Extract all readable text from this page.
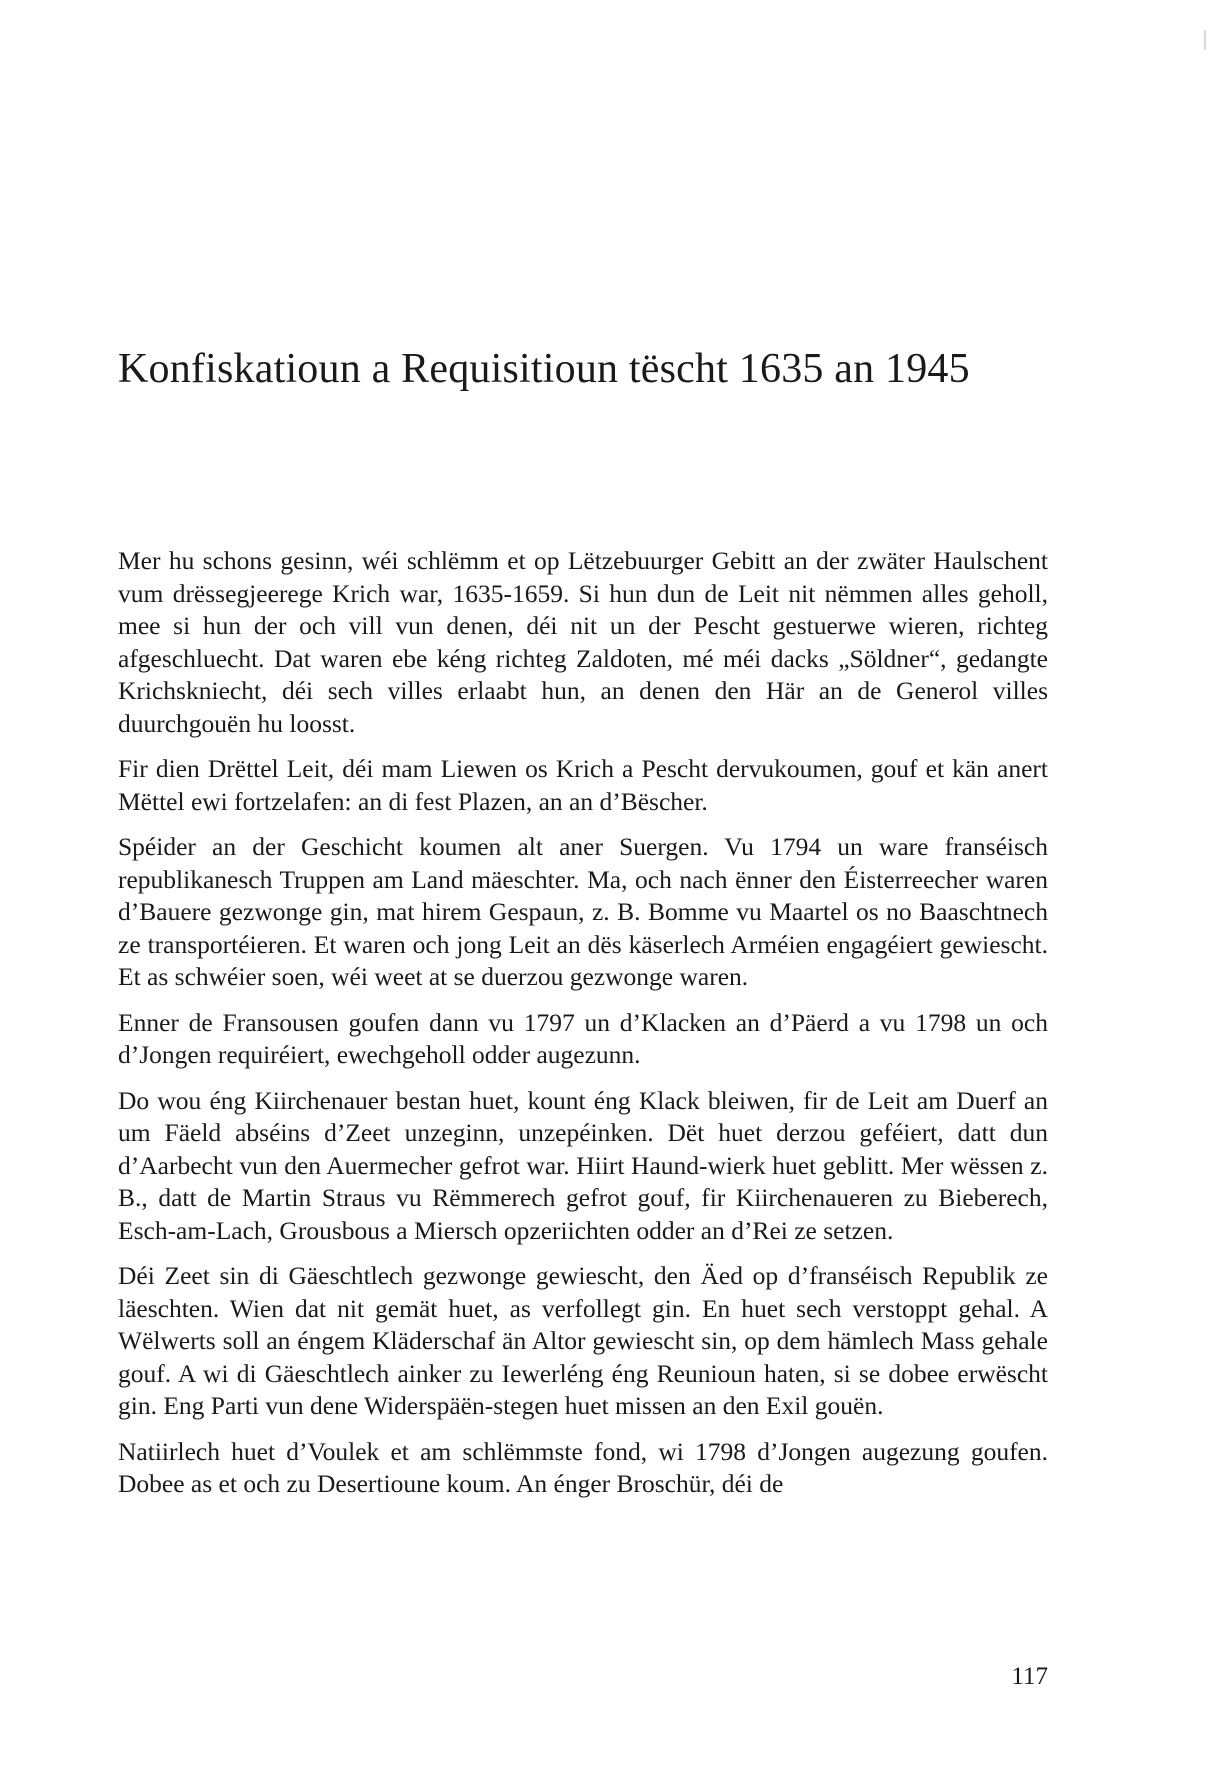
Konfiskatioun a Requisitioun tëscht 1635 an 1945

Mer hu schons gesinn, wéi schlëmm et op Lëtzebuurger Gebitt an der zwäter Haulschent vum drëssegjeerege Krich war, 1635-1659. Si hun dun de Leit nit nëmmen alles geholl, mee si hun der och vill vun denen, déi nit un der Pescht gestuerwe wieren, richteg afgeschluecht. Dat waren ebe kéng richteg Zaldoten, mé méi dacks „Söldner“, gedangte Krichskniecht, déi sech villes erlaabt hun, an denen den Här an de Generol villes duurchgouën hu loosst.

Fir dien Drëttel Leit, déi mam Liewen os Krich a Pescht dervukoumen, gouf et kän anert Mëttel ewi fortzelafen: an di fest Plazen, an an d’Bëscher.

Spéider an der Geschicht koumen alt aner Suergen. Vu 1794 un ware franséisch republikanesch Truppen am Land mäeschter. Ma, och nach ënner den Éisterreecher waren d’Bauere gezwonge gin, mat hirem Gespaun, z. B. Bomme vu Maartel os no Baaschtnech ze transportéieren. Et waren och jong Leit an dës käserlech Arméien engagéiert gewiescht. Et as schwéier soen, wéi weet at se duerzou gezwonge waren.

Enner de Fransousen goufen dann vu 1797 un d’Klacken an d’Päerd a vu 1798 un och d’Jongen requiréiert, ewechgeholl odder augezunn.

Do wou éng Kiirchenauer bestan huet, kount éng Klack bleiwen, fir de Leit am Duerf an um Fäeld abséins d’Zeet unzeginn, unzepéinken. Dët huet derzou geféiert, datt dun d’Aarbecht vun den Auermecher gefrot war. Hiirt Haund-wierk huet geblitt. Mer wëssen z. B., datt de Martin Straus vu Rëmmerech gefrot gouf, fir Kiirchenaueren zu Bieberech, Esch-am-Lach, Grousbous a Miersch opzeriichten odder an d’Rei ze setzen.

Déi Zeet sin di Gäeschtlech gezwonge gewiescht, den Äed op d’franséisch Republik ze läeschten. Wien dat nit gemät huet, as verfollegt gin. En huet sech verstoppt gehal. A Wëlwerts soll an éngem Kläderschaf än Altor gewiescht sin, op dem hämlech Mass gehale gouf. A wi di Gäeschtlech ainker zu Iewerléng éng Reunioun haten, si se dobee erwëscht gin. Eng Parti vun dene Widerspäën-stegen huet missen an den Exil gouën.

Natiirlech huet d’Voulek et am schlëmmste fond, wi 1798 d’Jongen augezung goufen. Dobee as et och zu Desertioune koum. An énger Broschür, déi de

117
